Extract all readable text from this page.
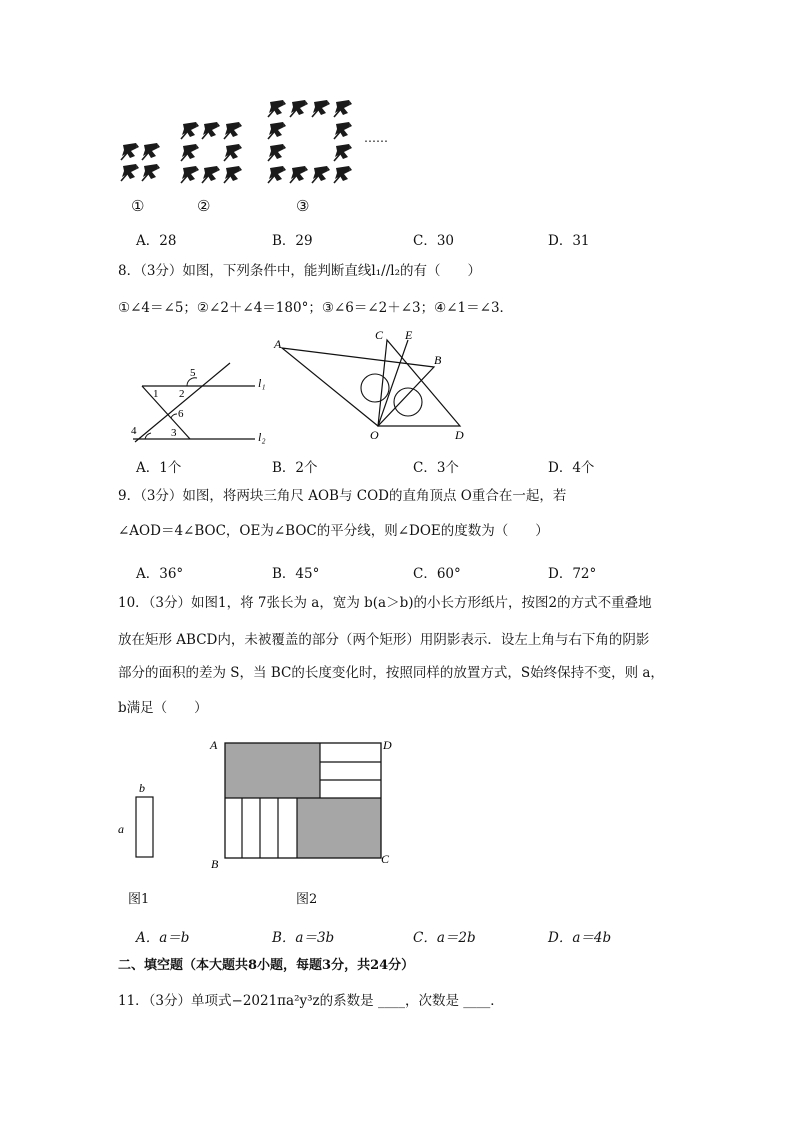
……
①	②	③
A．28	B．29	C．30	D．31
8．（3分）如图，下列条件中，能判断直线l₁//l₂的有（　　）
①∠4＝∠5；②∠2＋∠4＝180°；③∠6＝∠2＋∠3；④∠1＝∠3．
l₁
l₂
1 2
5
6
3
4
A
C E
B
O	D
A．1个	B．2个	C．3个	D．4个
9．（3分）如图，将两块三角尺 AOB与 COD的直角顶点 O重合在一起，若
∠AOD＝4∠BOC，OE为∠BOC的平分线，则∠DOE的度数为（　　）
A．36°	B．45°	C．60°	D．72°
10．（3分）如图1，将 7张长为 a，宽为 b(a＞b)的小长方形纸片，按图2的方式不重叠地
放在矩形 ABCD内，未被覆盖的部分（两个矩形）用阴影表示．设左上角与右下角的阴影
部分的面积的差为 S，当 BC的长度变化时，按照同样的放置方式，S始终保持不变，则 a，
b满足（　　）
b
a
A	D
B	C
图1	图2
A．a＝b	B．a＝3b	C．a＝2b	D．a＝4b
二、填空题（本大题共8小题，每题3分，共24分）
11．（3分）单项式−2021πa²y³z的系数是 ____，次数是 ____．
